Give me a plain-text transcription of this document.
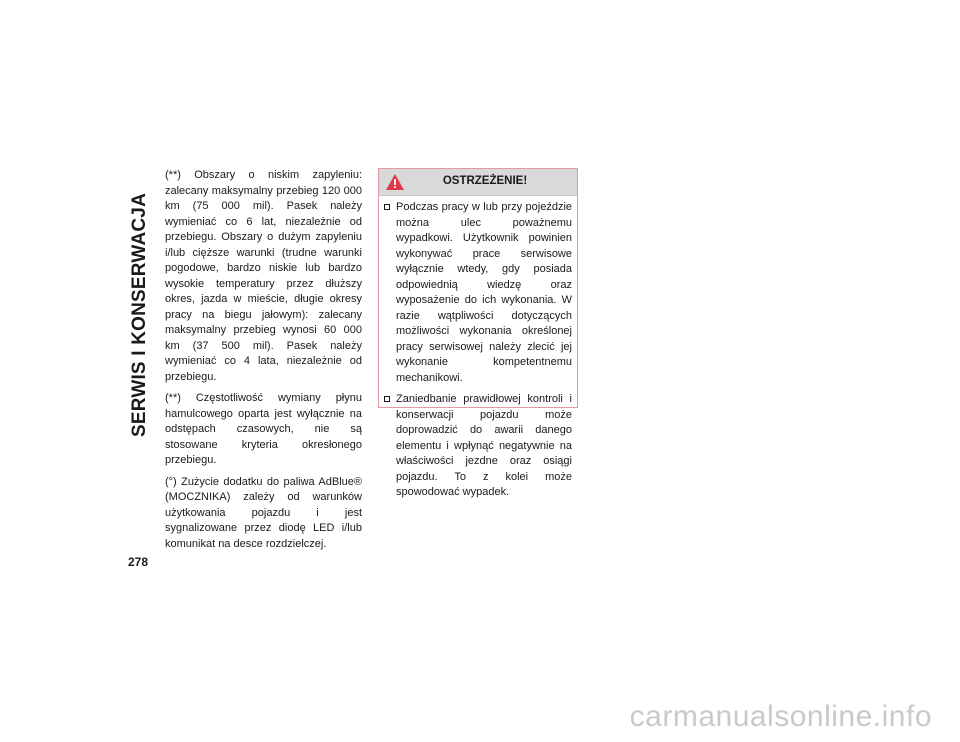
SERWIS I KONSERWACJA
278

(**) Obszary o niskim zapyleniu: zalecany maksymalny przebieg 120 000 km (75 000 mil). Pasek należy wymieniać co 6 lat, niezależnie od przebiegu. Obszary o dużym zapyleniu i/lub cięższe warunki (trudne warunki pogodowe, bardzo niskie lub bardzo wysokie temperatury przez dłuższy okres, jazda w mieście, długie okresy pracy na biegu jałowym): zalecany maksymalny przebieg wynosi 60 000 km (37 500 mil). Pasek należy wymieniać co 4 lata, niezależnie od przebiegu.

(**) Częstotliwość wymiany płynu hamulcowego oparta jest wyłącznie na odstępach czasowych, nie są stosowane kryteria okresłonego przebiegu.

(°) Zużycie dodatku do paliwa AdBlue® (MOCZNIKA) zależy od warunków użytkowania pojazdu i jest sygnalizowane przez diodę LED i/lub komunikat na desce rozdzielczej.

OSTRZEŻENIE!
Podczas pracy w lub przy pojeździe można ulec poważnemu wypadkowi. Użytkownik powinien wykonywać prace serwisowe wyłącznie wtedy, gdy posiada odpowiednią wiedzę oraz wyposażenie do ich wykonania. W razie wątpliwości dotyczących możliwości wykonania określonej pracy serwisowej należy zlecić jej wykonanie kompetentnemu mechanikowi.
Zaniedbanie prawidłowej kontroli i konserwacji pojazdu może doprowadzić do awarii danego elementu i wpłynąć negatywnie na właściwości jezdne oraz osiągi pojazdu. To z kolei może spowodować wypadek.
carmanualsonline.info
